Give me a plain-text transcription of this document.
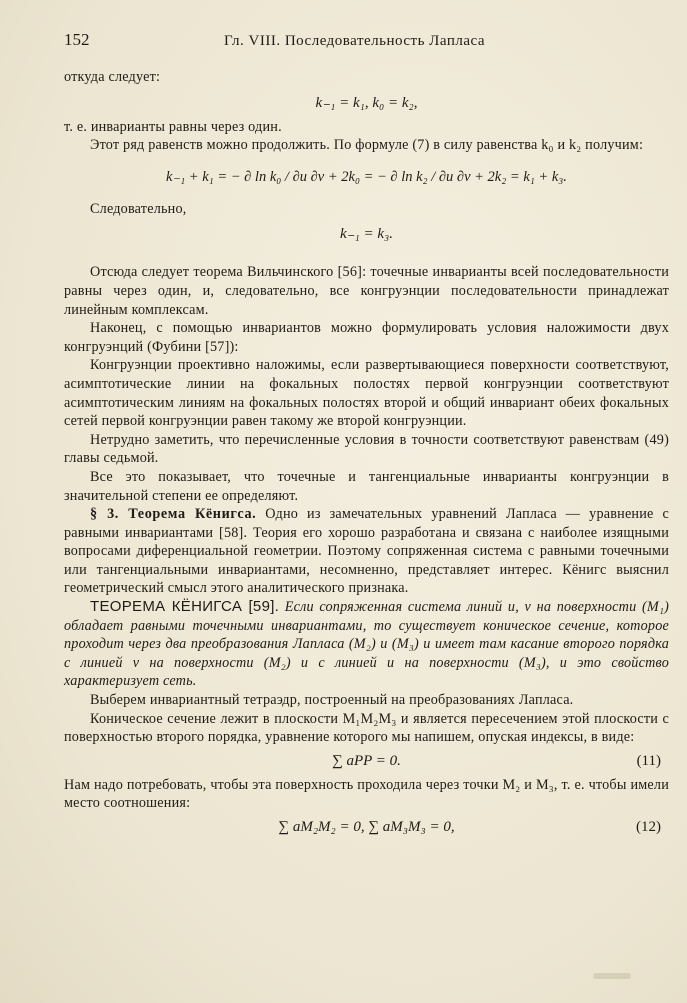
152	Гл. VIII. Последовательность Лапласа

откуда следует:

k₋₁ = k₁, k₀ = k₂,

т. е. инварианты равны через один.

Этот ряд равенств можно продолжить. По формуле (7) в силу равенства k₀ и k₂ получим:

k₋₁ + k₁ = − ∂ ln k₀ / ∂u ∂v + 2k₀ = − ∂ ln k₂ / ∂u ∂v + 2k₂ = k₁ + k₃.

Следовательно,

k₋₁ = k₃.

Отсюда следует теорема Вильчинского [56]: точечные инварианты всей последовательности равны через один, и, следовательно, все конгруэнции последовательности принадлежат линейным комплексам.

Наконец, с помощью инвариантов можно формулировать условия наложимости двух конгруэнций (Фубини [57]):

Конгруэнции проективно наложимы, если развертывающиеся поверхности соответствуют, асимптотические линии на фокальных полостях первой конгруэнции соответствуют асимптотическим линиям на фокальных полостях второй и общий инвариант обеих фокальных сетей первой конгруэнции равен такому же второй конгруэнции.

Нетрудно заметить, что перечисленные условия в точности соответствуют равенствам (49) главы седьмой.

Все это показывает, что точечные и тангенциальные инварианты конгруэнции в значительной степени ее определяют.

§ 3. Теорема Кёнигса. Одно из замечательных уравнений Лапласа — уравнение с равными инвариантами [58]. Теория его хорошо разработана и связана с наиболее изящными вопросами диференциальной геометрии. Поэтому сопряженная система с равными точечными или тангенциальными инвариантами, несомненно, представляет интерес. Кёнигс выяснил геометрический смысл этого аналитического признака.

ТЕОРЕМА КЁНИГСА [59]. Если сопряженная система линий u, v на поверхности (M₁) обладает равными точечными инвариантами, то существует коническое сечение, которое проходит через два преобразования Лапласа (M₂) и (M₃) и имеет там касание второго порядка с линией v на поверхности (M₂) и с линией u на поверхности (M₃), и это свойство характеризует сеть.

Выберем инвариантный тетраэдр, построенный на преобразованиях Лапласа.

Коническое сечение лежит в плоскости M₁M₂M₃ и является пересечением этой плоскости с поверхностью второго порядка, уравнение которого мы напишем, опуская индексы, в виде:

∑ aPP = 0.	(11)

Нам надо потребовать, чтобы эта поверхность проходила через точки M₂ и M₃, т. е. чтобы имели место соотношения:

∑ aM₂M₂ = 0, ∑ aM₃M₃ = 0,	(12)
